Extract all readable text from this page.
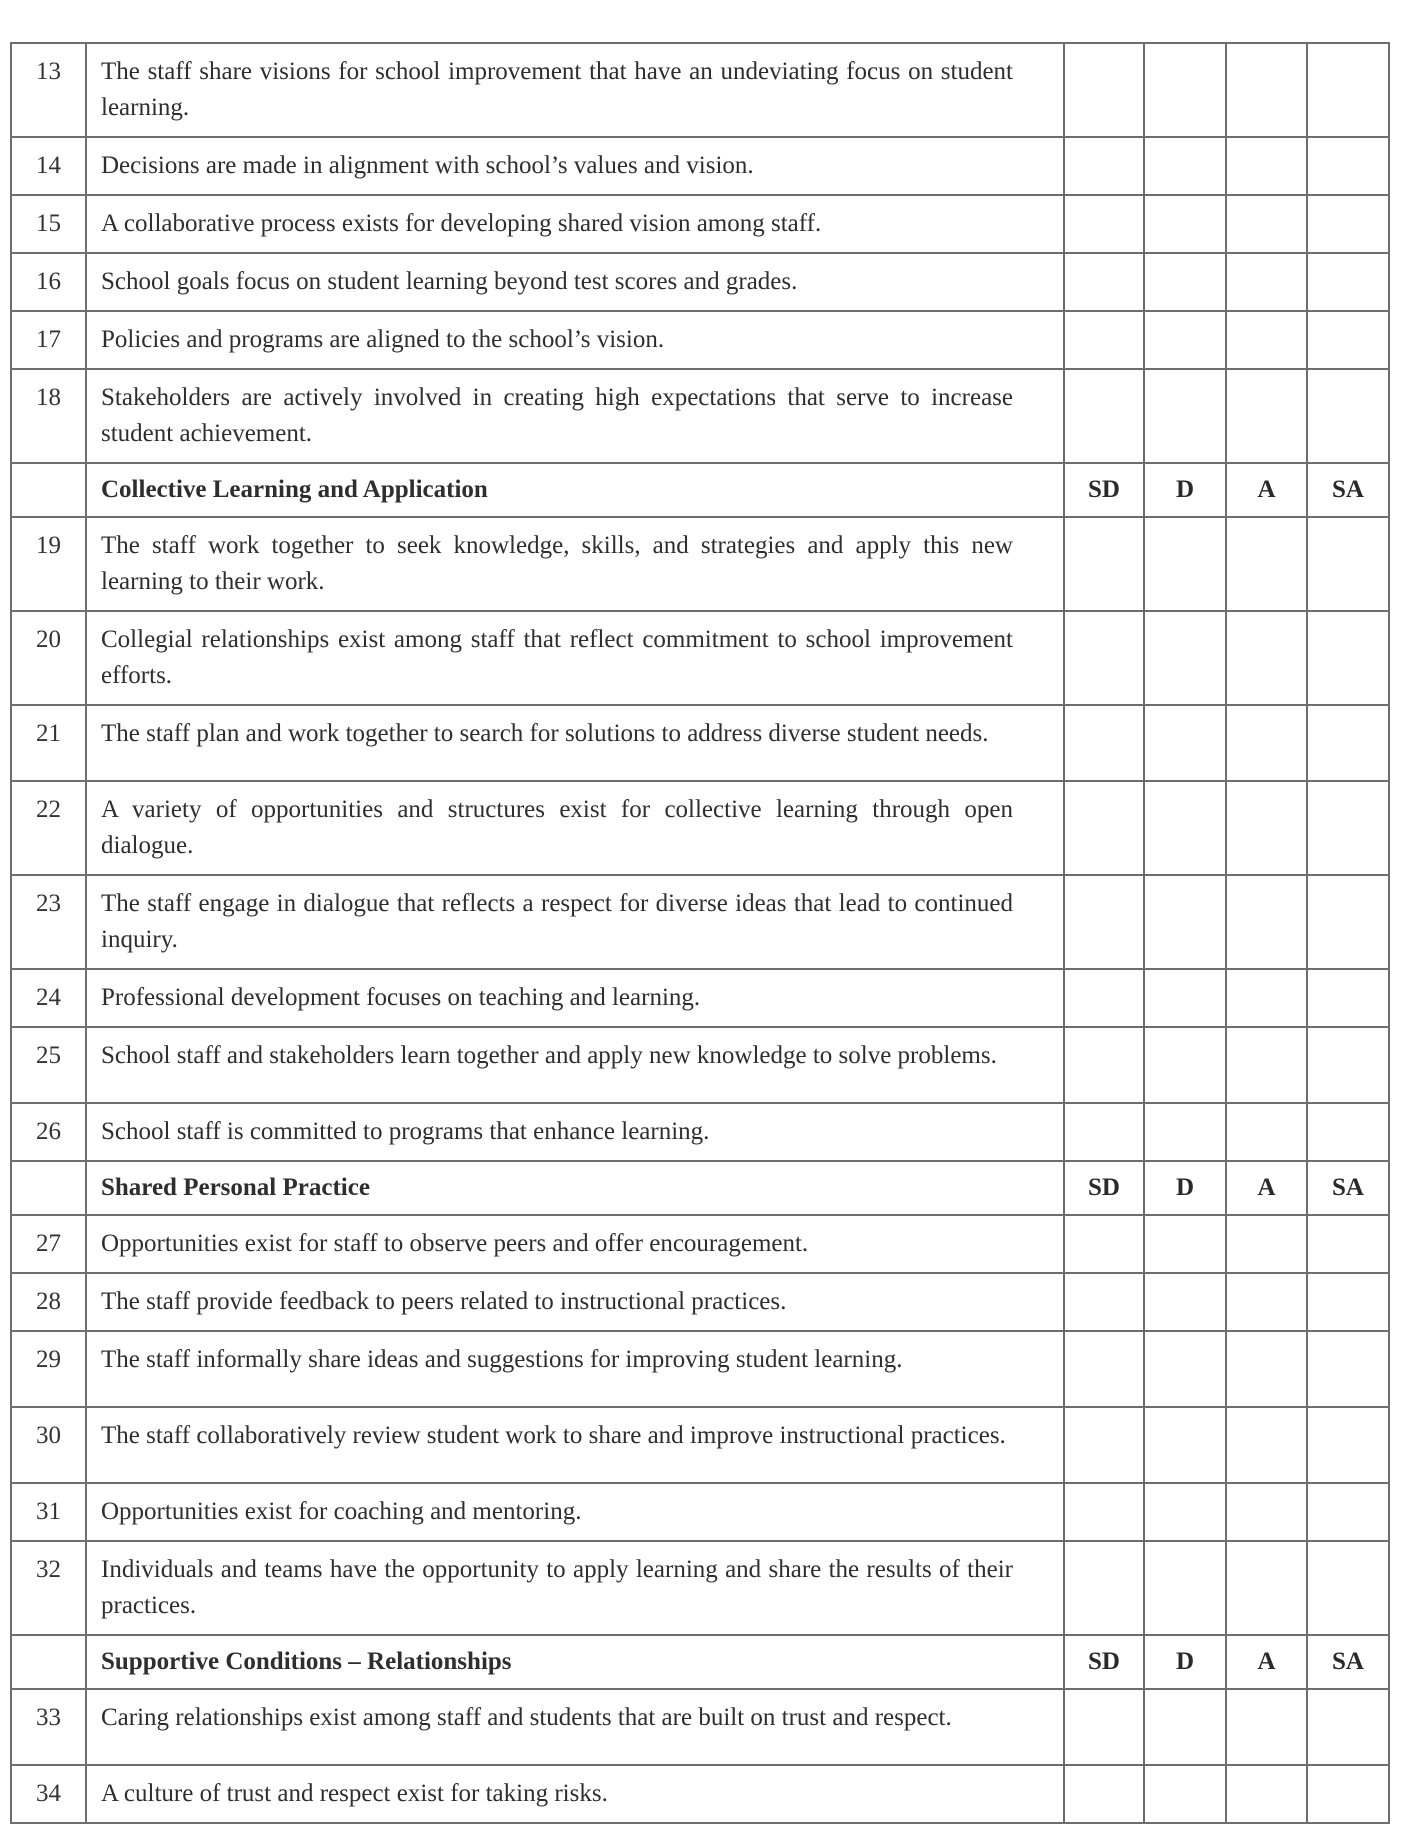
13	The staff share visions for school improvement that have an undeviating focus on student learning.				
14	Decisions are made in alignment with school’s values and vision.				
15	A collaborative process exists for developing shared vision among staff.				
16	School goals focus on student learning beyond test scores and grades.				
17	Policies and programs are aligned to the school’s vision.				
18	Stakeholders are actively involved in creating high expectations that serve to increase student achievement.				
	Collective Learning and Application	SD	D	A	SA
19	The staff work together to seek knowledge, skills, and strategies and apply this new learning to their work.				
20	Collegial relationships exist among staff that reflect commitment to school improvement efforts.				
21	The staff plan and work together to search for solutions to address diverse student needs.				
22	A variety of opportunities and structures exist for collective learning through open dialogue.				
23	The staff engage in dialogue that reflects a respect for diverse ideas that lead to continued inquiry.				
24	Professional development focuses on teaching and learning.				
25	School staff and stakeholders learn together and apply new knowledge to solve problems.				
26	School staff is committed to programs that enhance learning.				
	Shared Personal Practice	SD	D	A	SA
27	Opportunities exist for staff to observe peers and offer encouragement.				
28	The staff provide feedback to peers related to instructional practices.				
29	The staff informally share ideas and suggestions for improving student learning.				
30	The staff collaboratively review student work to share and improve instructional practices.				
31	Opportunities exist for coaching and mentoring.				
32	Individuals and teams have the opportunity to apply learning and share the results of their practices.				
	Supportive Conditions – Relationships	SD	D	A	SA
33	Caring relationships exist among staff and students that are built on trust and respect.				
34	A culture of trust and respect exist for taking risks.				
